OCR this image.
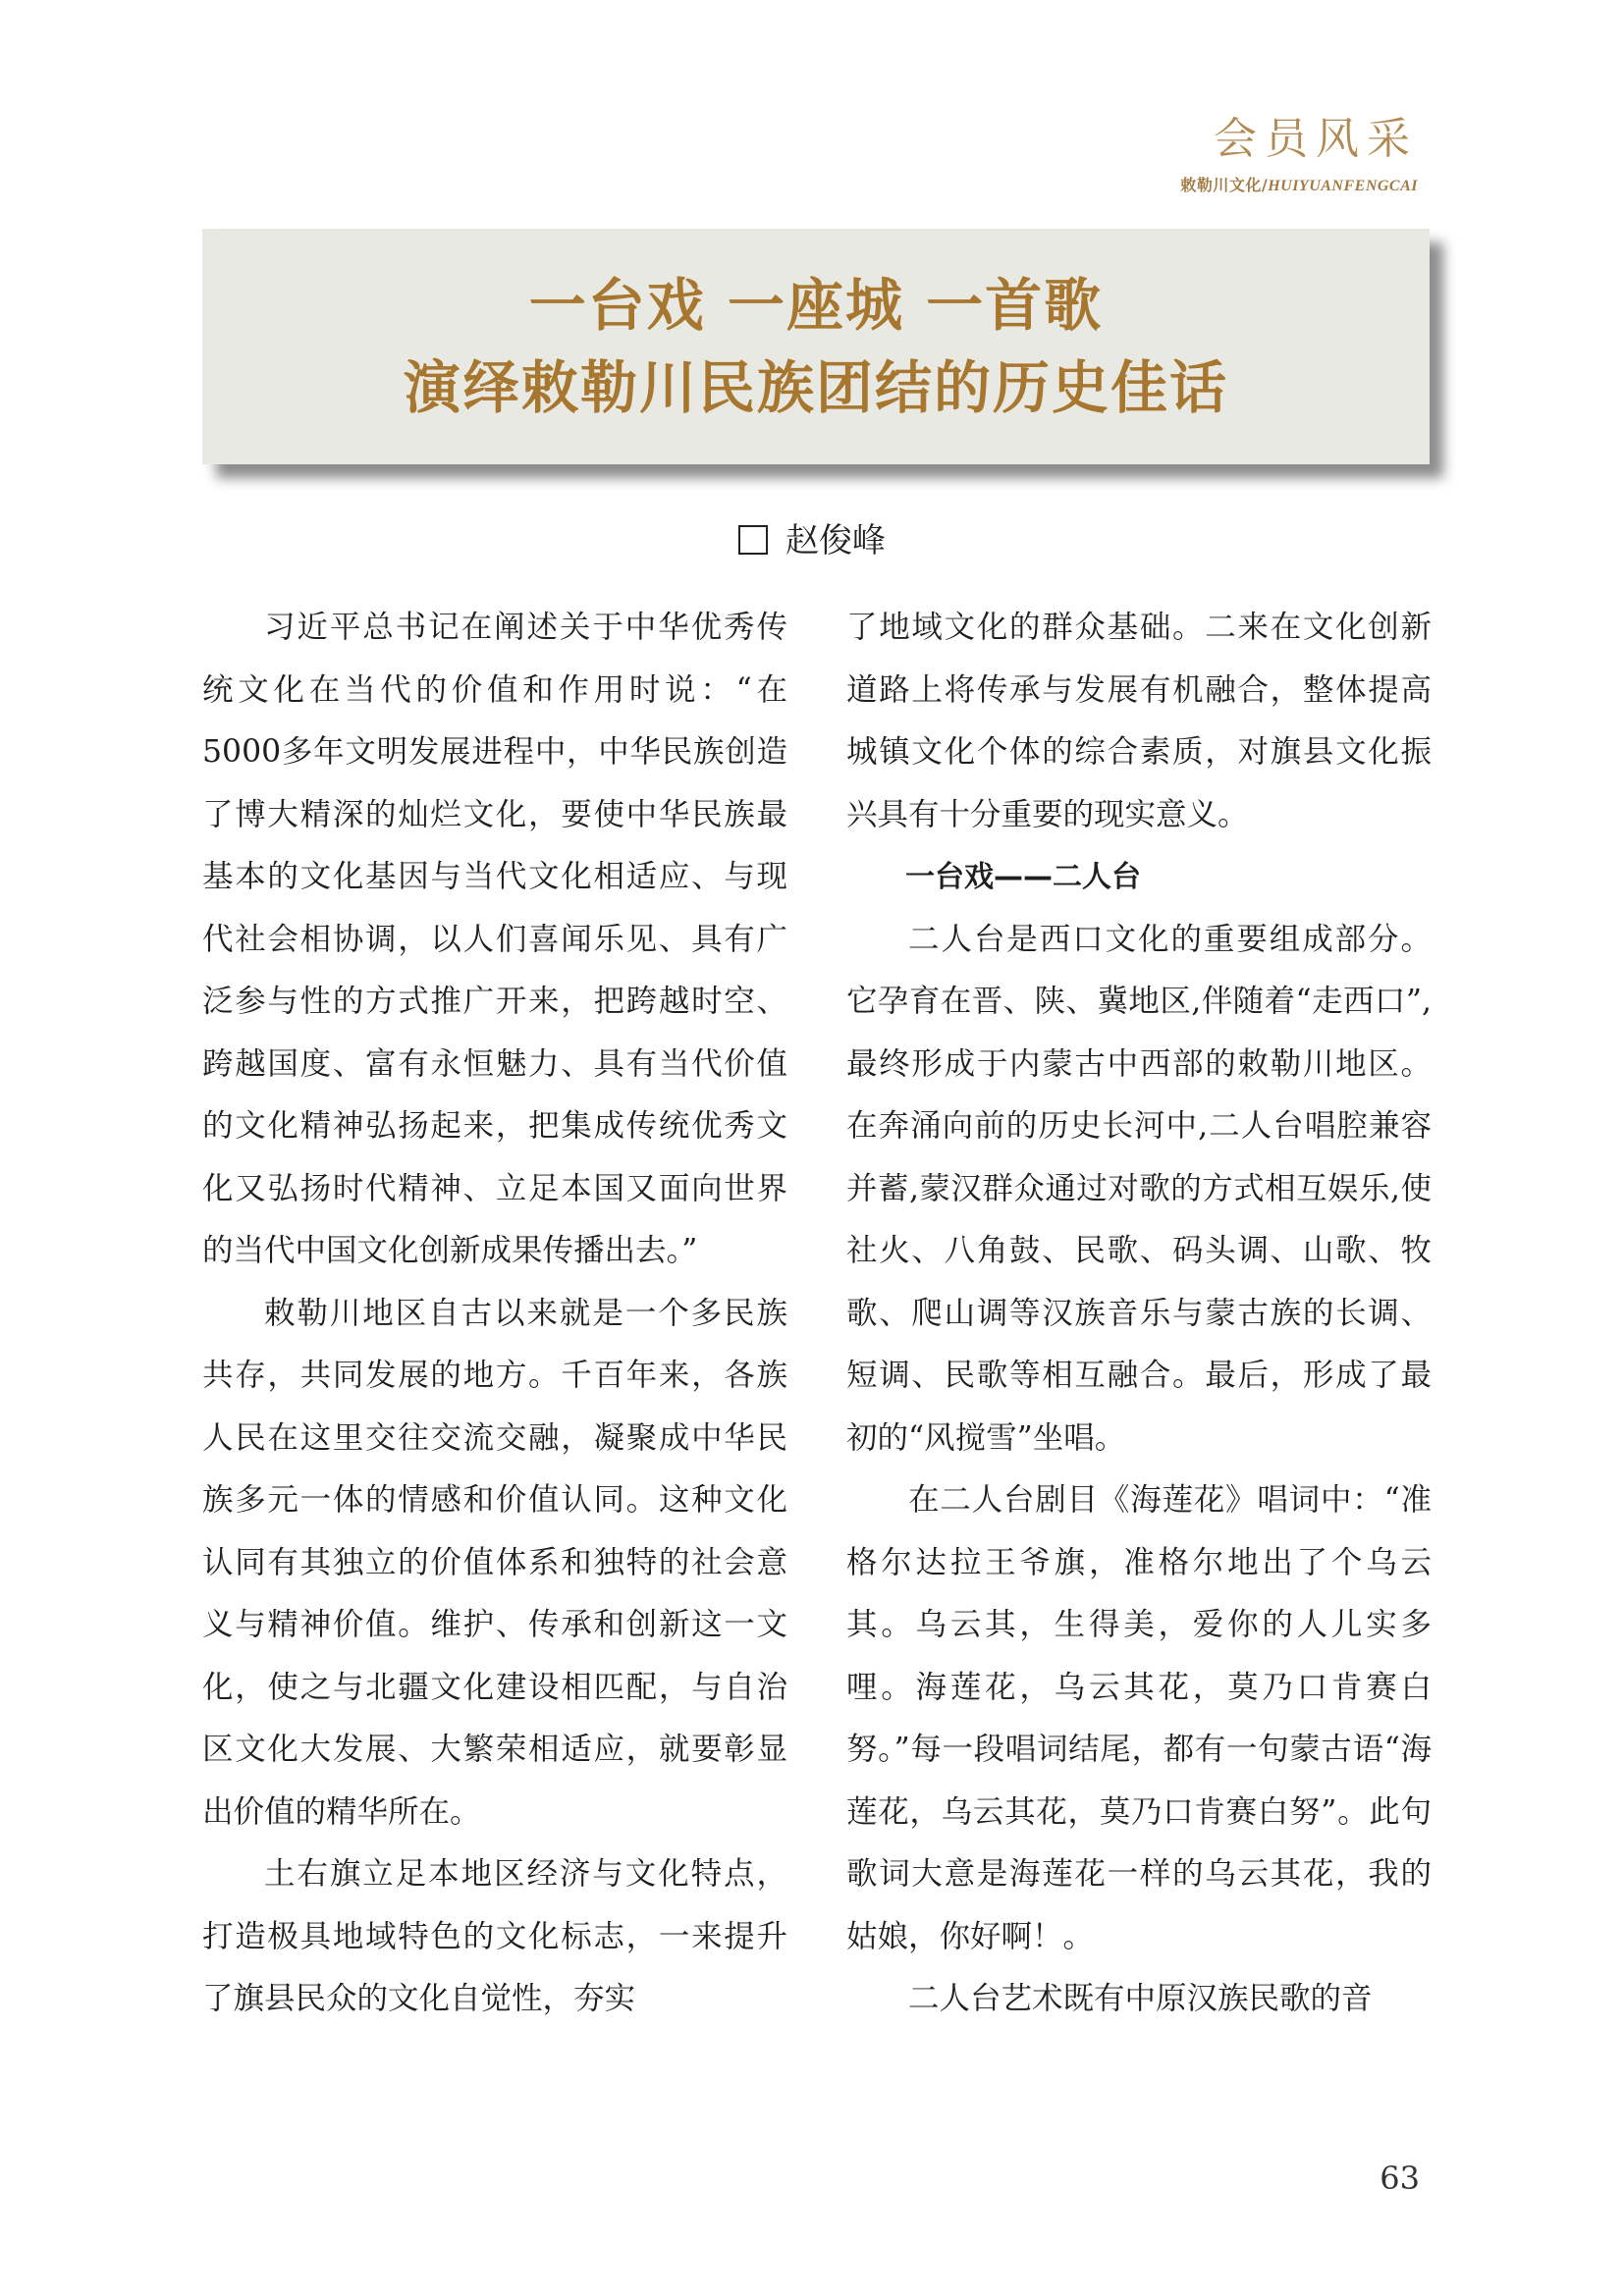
会员风采
敕勒川文化/HUIYUANFENGCAI
一台戏 一座城 一首歌
演绎敕勒川民族团结的历史佳话
赵俊峰

习近平总书记在阐述关于中华优秀传统文化在当代的价值和作用时说：“在5000多年文明发展进程中，中华民族创造了博大精深的灿烂文化，要使中华民族最基本的文化基因与当代文化相适应、与现代社会相协调，以人们喜闻乐见、具有广泛参与性的方式推广开来，把跨越时空、跨越国度、富有永恒魅力、具有当代价值的文化精神弘扬起来，把集成传统优秀文化又弘扬时代精神、立足本国又面向世界的当代中国文化创新成果传播出去。”

敕勒川地区自古以来就是一个多民族共存，共同发展的地方。千百年来，各族人民在这里交往交流交融，凝聚成中华民族多元一体的情感和价值认同。这种文化认同有其独立的价值体系和独特的社会意义与精神价值。维护、传承和创新这一文化，使之与北疆文化建设相匹配，与自治区文化大发展、大繁荣相适应，就要彰显出价值的精华所在。

土右旗立足本地区经济与文化特点，打造极具地域特色的文化标志，一来提升了旗县民众的文化自觉性，夯实

了地域文化的群众基础。二来在文化创新道路上将传承与发展有机融合，整体提高城镇文化个体的综合素质，对旗县文化振兴具有十分重要的现实意义。

一台戏——二人台

二人台是西口文化的重要组成部分。它孕育在晋、陕、冀地区,伴随着“走西口”,最终形成于内蒙古中西部的敕勒川地区。在奔涌向前的历史长河中,二人台唱腔兼容并蓄,蒙汉群众通过对歌的方式相互娱乐,使社火、八角鼓、民歌、码头调、山歌、牧歌、爬山调等汉族音乐与蒙古族的长调、短调、民歌等相互融合。最后，形成了最初的“风搅雪”坐唱。

在二人台剧目《海莲花》唱词中：“准格尔达拉王爷旗，准格尔地出了个乌云其。乌云其，生得美，爱你的人儿实多哩。海莲花，乌云其花，莫乃口肯赛白努。”每一段唱词结尾，都有一句蒙古语“海莲花，乌云其花，莫乃口肯赛白努”。此句歌词大意是海莲花一样的乌云其花，我的姑娘，你好啊！。

二人台艺术既有中原汉族民歌的音

63
